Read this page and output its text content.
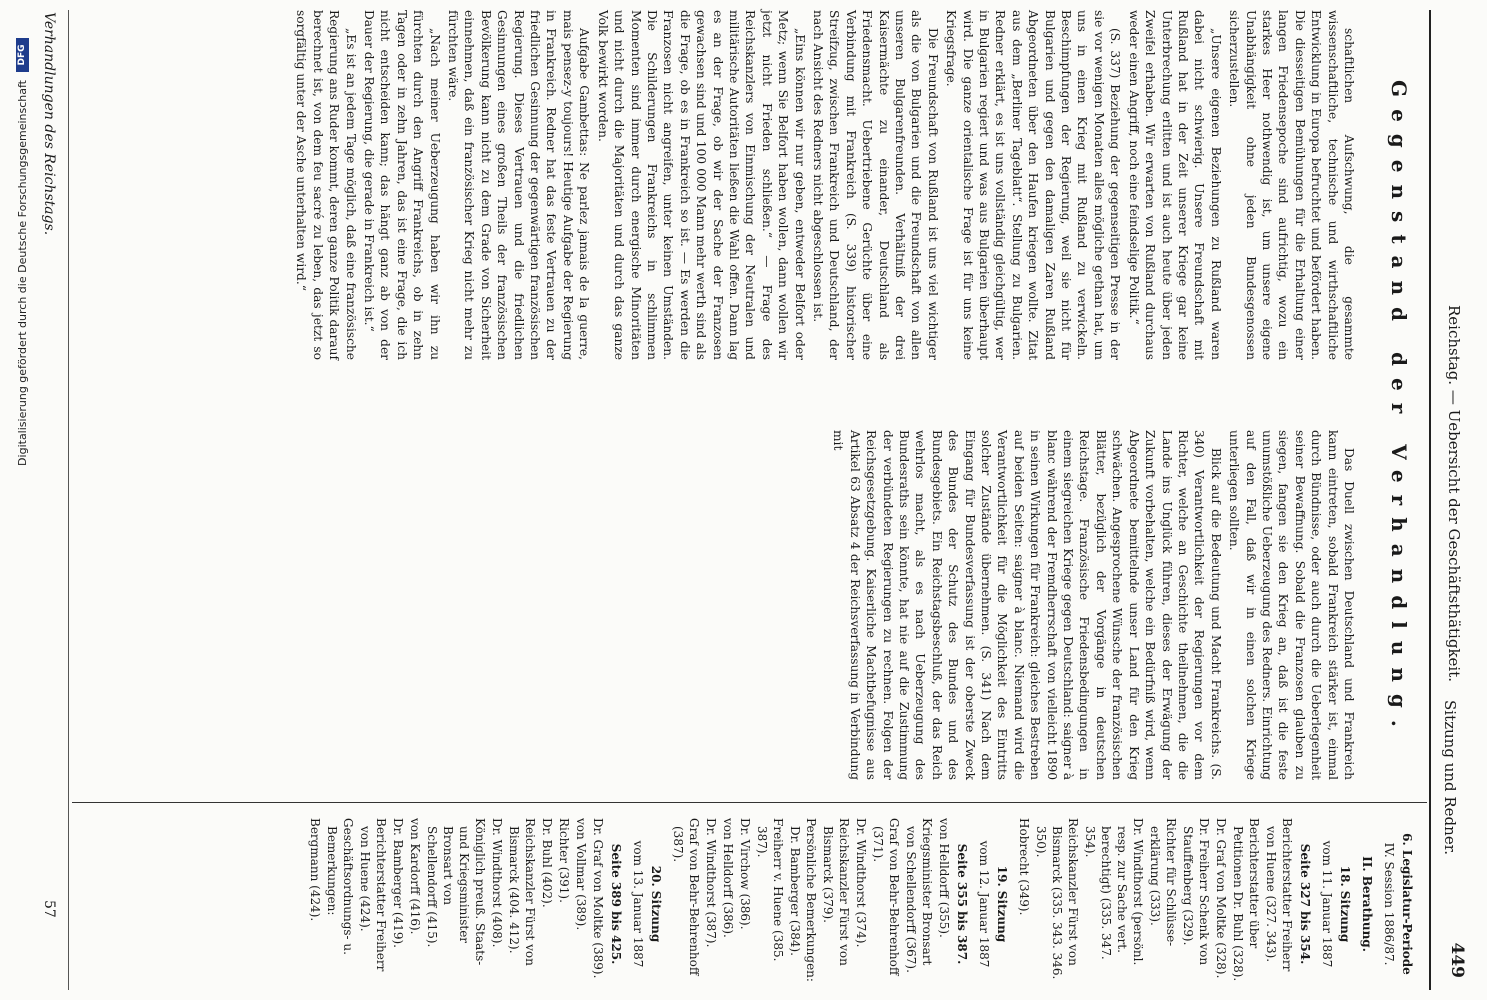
449
Reichstag. — Uebersicht der Geschäftsthätigkeit.
Sitzung und Redner.
Gegenstand der Verhandlung.

schaftlichen Aufschwung, die gesammte wissenschaftliche, technische und wirthschaftliche Entwicklung in Europa befruchtet und befördert haben. Die diesseitigen Bemühungen für die Erhaltung einer langen Friedensepoche sind aufrichtig, wozu ein starkes Heer nothwendig ist, um unsere eigene Unabhängigkeit ohne jeden Bundesgenossen sicherzustellen.

„Unsere eigenen Beziehungen zu Rußland waren dabei nicht schwierig. Unsere Freundschaft mit Rußland hat in der Zeit unserer Kriege gar keine Unterbrechung erlitten und ist auch heute über jeden Zweifel erhaben. Wir erwarten von Rußland durchaus weder einen Angriff, noch eine feindselige Politik.“

(S. 337) Beziehung der gegenseitigen Presse in der sie vor wenigen Monaten alles mögliche gethan hat, um uns in einen Krieg mit Rußland zu verwickeln. Beschimpfungen der Regierung, weil sie nicht für Bulgarien und gegen den damaligen Zaren Rußland Abgeordneten über den Haufen kriegen wollte. Zitat aus dem „Berliner Tageblatt“. Stellung zu Bulgarien. Redner erklärt, es ist uns vollständig gleichgültig, wer in Bulgarien regiert und was aus Bulgarien überhaupt wird. Die ganze orientalische Frage ist für uns keine Kriegsfrage.

Die Freundschaft von Rußland ist uns viel wichtiger als die von Bulgarien und die Freundschaft von allen unseren Bulgarenfreunden. Verhältniß der drei Kaisermächte zu einander, Deutschland als Friedensmacht. Uebertriebene Gerüchte über eine Verbindung mit Frankreich (S. 339) historischer Streifzug, zwischen Frankreich und Deutschland, der nach Ansicht des Redners nicht abgeschlossen ist.

„Eins können wir nur geben, entweder Belfort oder Metz; wenn Sie Belfort haben wollen, dann wollen wir jetzt nicht Frieden schließen.“ — Frage des Reichskanzlers von Einmischung der Neutralen und militärische Autoritäten ließen die Wahl offen. Dann lag es an der Frage, ob wir der Sache der Franzosen gewachsen sind und 100 000 Mann mehr werth sind als die Frage, ob es in Frankreich so ist. — Es werden die Franzosen nicht angreifen, unter keinen Umständen. Die Schilderungen Frankreichs in schlimmen Momenten sind immer durch energische Minoritäten und nicht durch die Majoritäten und durch das ganze Volk bewirkt worden.

Aufgabe Gambettas: Ne parlez jamais de la guerre, mais pensez-y toujours! Heutige Aufgabe der Regierung in Frankreich. Redner hat das feste Vertrauen zu der friedlichen Gesinnung der gegenwärtigen französischen Regierung. Dieses Vertrauen und die friedlichen Gesinnungen eines großen Theils der französischen Bevölkerung kann nicht zu dem Grade von Sicherheit einnehmen, daß ein französischer Krieg nicht mehr zu fürchten wäre.

„Nach meiner Ueberzeugung haben wir ihn zu fürchten durch den Angriff Frankreichs, ob in zehn Tagen oder in zehn Jahren, das ist eine Frage, die ich nicht entscheiden kann; das hängt ganz ab von der Dauer der Regierung, die gerade in Frankreich ist.“

„Es ist an jedem Tage möglich, daß eine französische Regierung ans Ruder kommt, deren ganze Politik darauf berechnet ist, von dem feu sacré zu leben, das jetzt so sorgfältig unter der Asche unterhalten wird.“

Das Duell zwischen Deutschland und Frankreich kann eintreten, sobald Frankreich stärker ist, einmal durch Bündnisse, oder auch durch die Ueberlegenheit seiner Bewaffnung. Sobald die Franzosen glauben zu siegen, fangen sie den Krieg an, daß ist die feste unumstößliche Ueberzeugung des Redners. Einrichtung auf den Fall, daß wir in einen solchen Kriege unterliegen sollten.

Blick auf die Bedeutung und Macht Frankreichs. (S. 340) Verantwortlichkeit der Regierungen vor dem Richter, welche an Geschichte theilnehmen, die die Lande ins Unglück führen, dieses der Erwägung der Zukunft vorbehalten, welche ein Bedürfniß wird, wenn Abgeordnete bemittelnde unser Land für den Krieg schwächen. Angesprochene Wünsche der französischen Blätter, bezüglich der Vorgänge in deutschen Reichstage. Französische Friedensbedingungen in einem siegreichen Kriege gegen Deutschland: saigner à blanc während der Fremdherrschaft von vielleicht 1890 in seinen Wirkungen für Frankreich: gleiches Bestreben auf beiden Seiten: saigner à blanc. Niemand wird die Verantwortlichkeit für die Möglichkeit des Eintritts solcher Zustände übernehmen. (S. 341) Nach dem Eingang für Bundesverfassung ist der oberste Zweck des Bundes der Schutz des Bundes und des Bundesgebiets. Ein Reichstagsbeschluß, der das Reich wehrlos macht, als es nach Ueberzeugung des Bundesraths sein könnte, hat nie auf die Zustimmung der verbündeten Regierungen zu rechnen. Folgen der Reichsgesetzgebung. Kaiserliche Machtbefugnisse aus Artikel 63 Absatz 4 der Reichsverfassung in Verbindung mit

6. Legislatur-Periode
IV. Session 1886/87.
II. Berathung.
18. Sitzung
vom 11. Januar 1887
Seite 327 bis 354.
Berichterstatter Freiherr von Huene (327. 343).
Berichterstatter über Petitionen Dr. Buhl (328).
Dr. Graf von Moltke (328).
Dr. Freiherr Schenk von Stauffenberg (329).
Richter für Schlüsse-erklärung (333).
Dr. Windthorst (persönl. resp. zur Sache vert. berechtigt) (335. 347. 354).
Reichskanzler Fürst von Bismarck (335. 343. 346. 350).
Hobrecht (349).
19. Sitzung
vom 12. Januar 1887
Seite 355 bis 387.
von Helldorff (355).
Kriegsminister Bronsart von Schellendorff (367).
Graf von Behr-Behrenhoff (371).
Dr. Windthorst (374).
Reichskanzler Fürst von Bismarck (379).
Persönliche Bemerkungen: Dr. Bamberger (384).
Freiherr v. Huene (385. 387).
Dr. Virchow (386).
von Helldorff (386).
Dr. Windthorst (387).
Graf von Behr-Behrenhoff (387).
20. Sitzung
vom 13. Januar 1887
Seite 389 bis 425.
Dr. Graf von Moltke (389).
von Vollmar (389).
Richter (391).
Dr. Buhl (402).
Reichskanzler Fürst von Bismarck (404. 412).
Dr. Windthorst (408).
Königlich preuß. Staats- und Kriegsminister Bronsart von Schellendorff (415).
von Kardorff (416).
Dr. Bamberger (419).
Berichterstatter Freiherr von Huene (424).
Geschäftsordnungs- u. Bemerkungen:
Bergmann (424).
Verhandlungen des Reichstags.
57
Digitalisierung gefördert durch die Deutsche Forschungsgemeinschaft
DFG
